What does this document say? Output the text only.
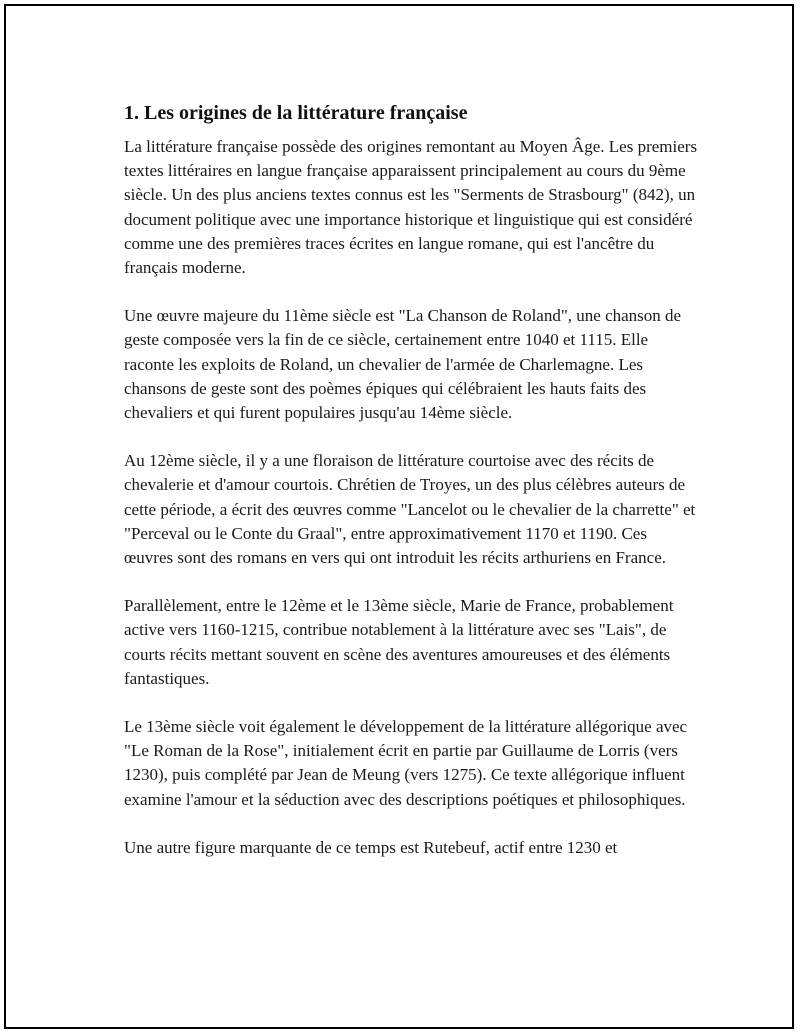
1. Les origines de la littérature française

La littérature française possède des origines remontant au Moyen Âge. Les premiers textes littéraires en langue française apparaissent principalement au cours du 9ème siècle. Un des plus anciens textes connus est les "Serments de Strasbourg" (842), un document politique avec une importance historique et linguistique qui est considéré comme une des premières traces écrites en langue romane, qui est l'ancêtre du français moderne.

Une œuvre majeure du 11ème siècle est "La Chanson de Roland", une chanson de geste composée vers la fin de ce siècle, certainement entre 1040 et 1115. Elle raconte les exploits de Roland, un chevalier de l'armée de Charlemagne. Les chansons de geste sont des poèmes épiques qui célébraient les hauts faits des chevaliers et qui furent populaires jusqu'au 14ème siècle.

Au 12ème siècle, il y a une floraison de littérature courtoise avec des récits de chevalerie et d'amour courtois. Chrétien de Troyes, un des plus célèbres auteurs de cette période, a écrit des œuvres comme "Lancelot ou le chevalier de la charrette" et "Perceval ou le Conte du Graal", entre approximativement 1170 et 1190. Ces œuvres sont des romans en vers qui ont introduit les récits arthuriens en France.

Parallèlement, entre le 12ème et le 13ème siècle, Marie de France, probablement active vers 1160-1215, contribue notablement à la littérature avec ses "Lais", de courts récits mettant souvent en scène des aventures amoureuses et des éléments fantastiques.

Le 13ème siècle voit également le développement de la littérature allégorique avec "Le Roman de la Rose", initialement écrit en partie par Guillaume de Lorris (vers 1230), puis complété par Jean de Meung (vers 1275). Ce texte allégorique influent examine l'amour et la séduction avec des descriptions poétiques et philosophiques.

Une autre figure marquante de ce temps est Rutebeuf, actif entre 1230 et
